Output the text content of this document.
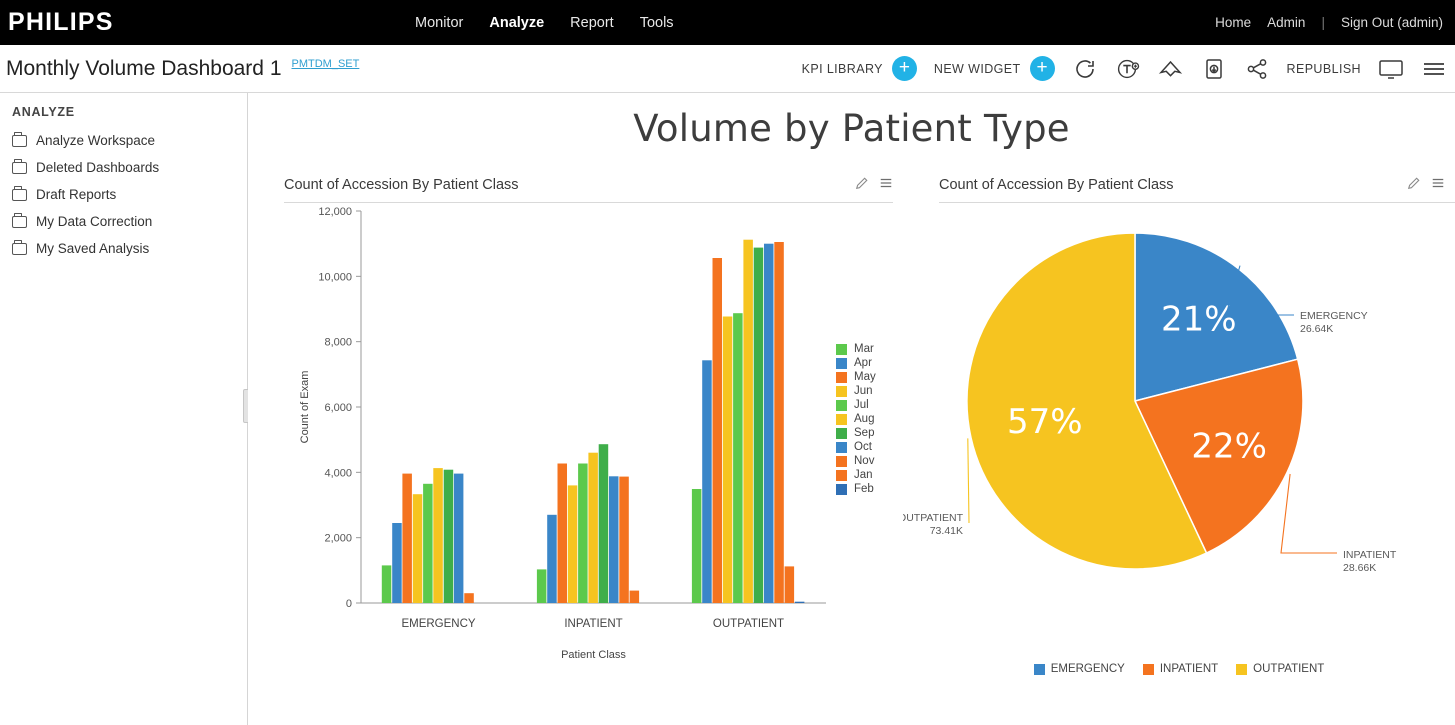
PHILIPS	Monitor Analyze Report Tools	Home Admin | Sign Out (admin)
Monthly Volume Dashboard 1 PMTDM_SET	KPI LIBRARY +	NEW WIDGET +	REPUBLISH
ANALYZE
Analyze Workspace
Deleted Dashboards
Draft Reports
My Data Correction
My Saved Analysis
Volume by Patient Type
Count of Accession By Patient Class
0
2,000
4,000
6,000
8,000
10,000
12,000
EMERGENCY	INPATIENT	OUTPATIENT
Patient Class
Count of Exam
Mar
Apr
May
Jun
Jul
Aug
Sep
Oct
Nov
Jan
Feb
Count of Accession By Patient Class
21%
22%
57%
EMERGENCY
26.64K
INPATIENT
28.66K
OUTPATIENT
73.41K
EMERGENCY	INPATIENT	OUTPATIENT
